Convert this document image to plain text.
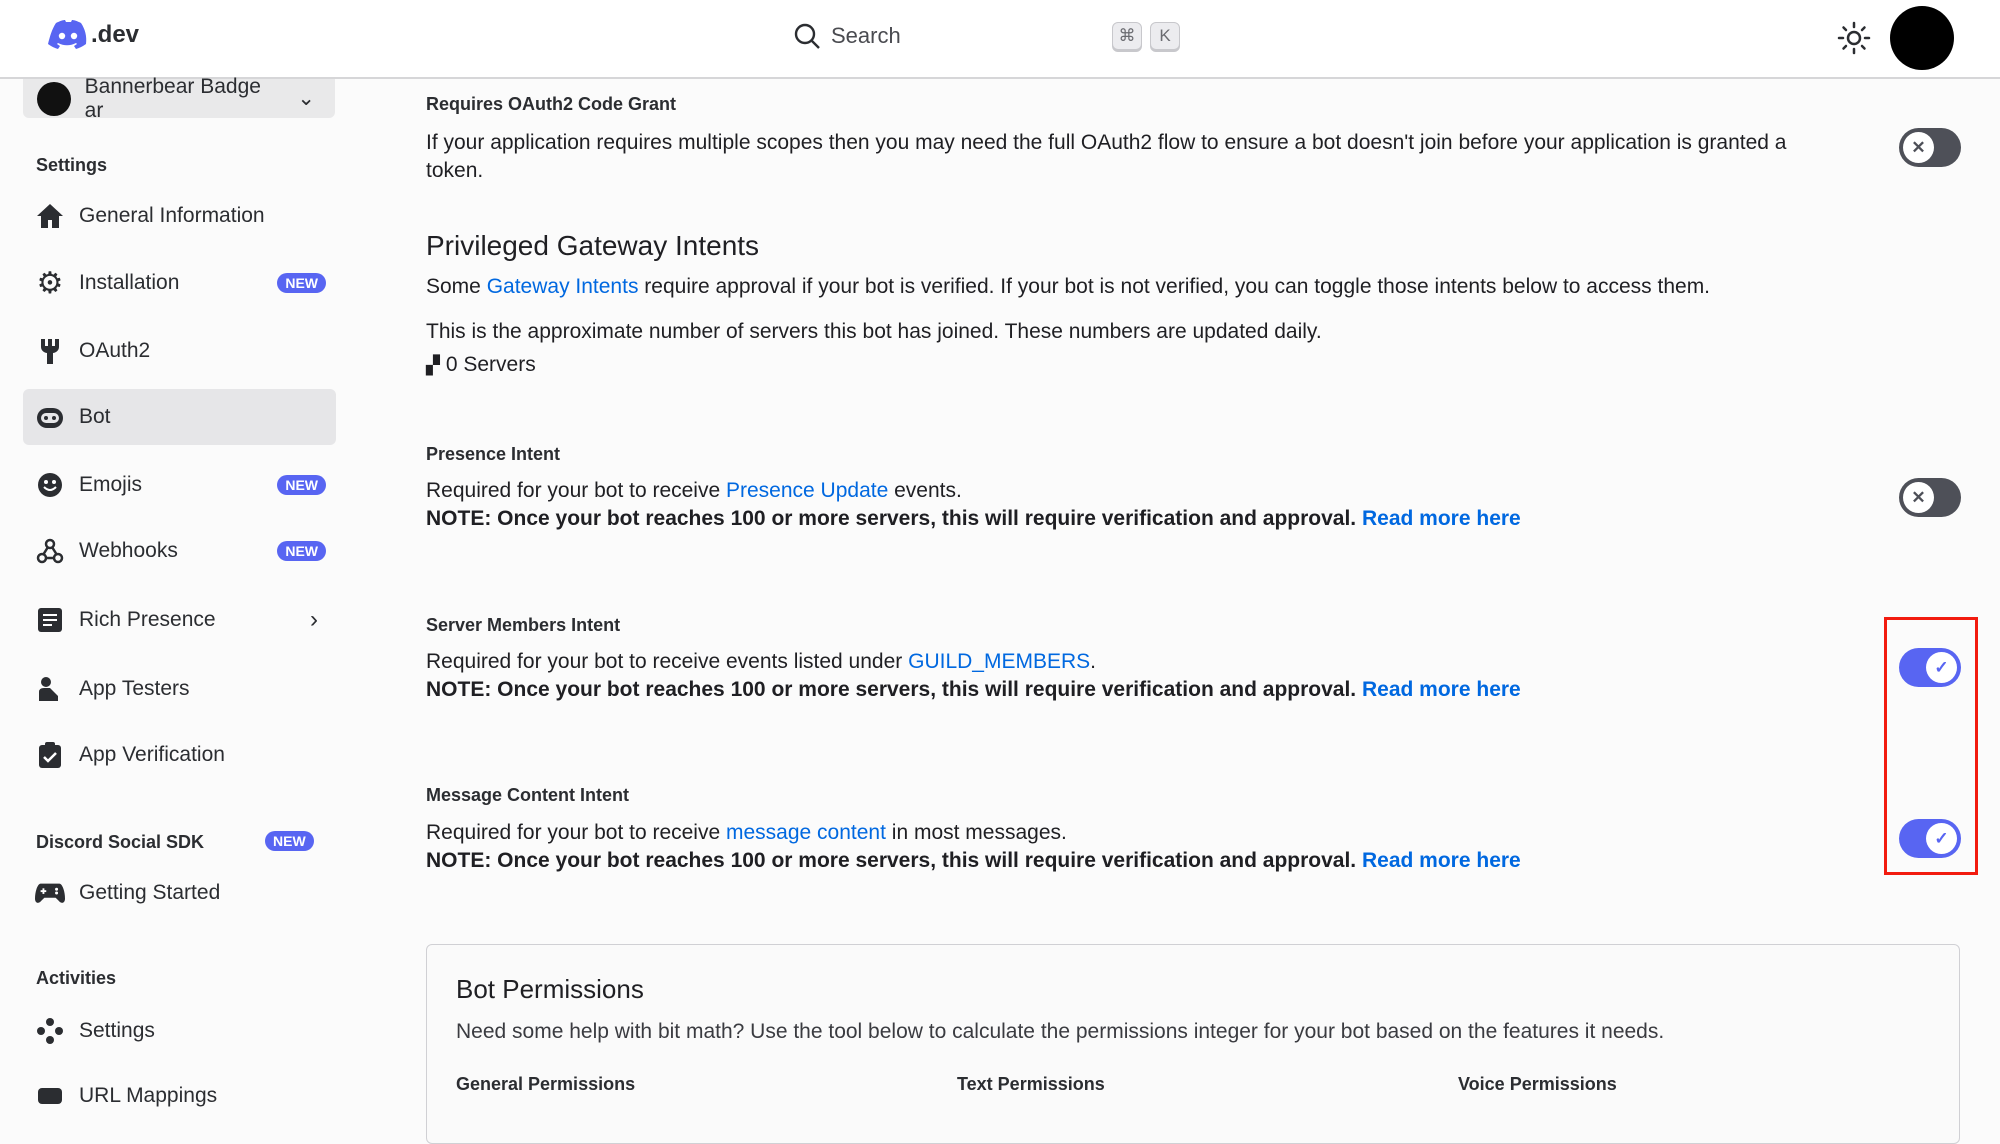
.dev	Search	⌘	K
Bannerbear Badge ar	⌄
Settings
General Information
⚙ Installation	NEW
OAuth2
Bot
Emojis	NEW
Webhooks	NEW
Rich Presence	›
App Testers
App Verification
Discord Social SDK	NEW
Getting Started
Activities
Settings
URL Mappings
Requires OAuth2 Code Grant
If your application requires multiple scopes then you may need the full OAuth2 flow to ensure a bot doesn't join before your application is granted a token.
✕
Privileged Gateway Intents
Some Gateway Intents require approval if your bot is verified. If your bot is not verified, you can toggle those intents below to access them.
This is the approximate number of servers this bot has joined. These numbers are updated daily.
▞ 0 Servers
Presence Intent
Required for your bot to receive Presence Update events.
NOTE: Once your bot reaches 100 or more servers, this will require verification and approval. Read more here
✕
Server Members Intent
Required for your bot to receive events listed under GUILD_MEMBERS.
NOTE: Once your bot reaches 100 or more servers, this will require verification and approval. Read more here
✓
Message Content Intent
Required for your bot to receive message content in most messages.
NOTE: Once your bot reaches 100 or more servers, this will require verification and approval. Read more here
✓
Bot Permissions
Need some help with bit math? Use the tool below to calculate the permissions integer for your bot based on the features it needs.
General Permissions	Text Permissions	Voice Permissions
